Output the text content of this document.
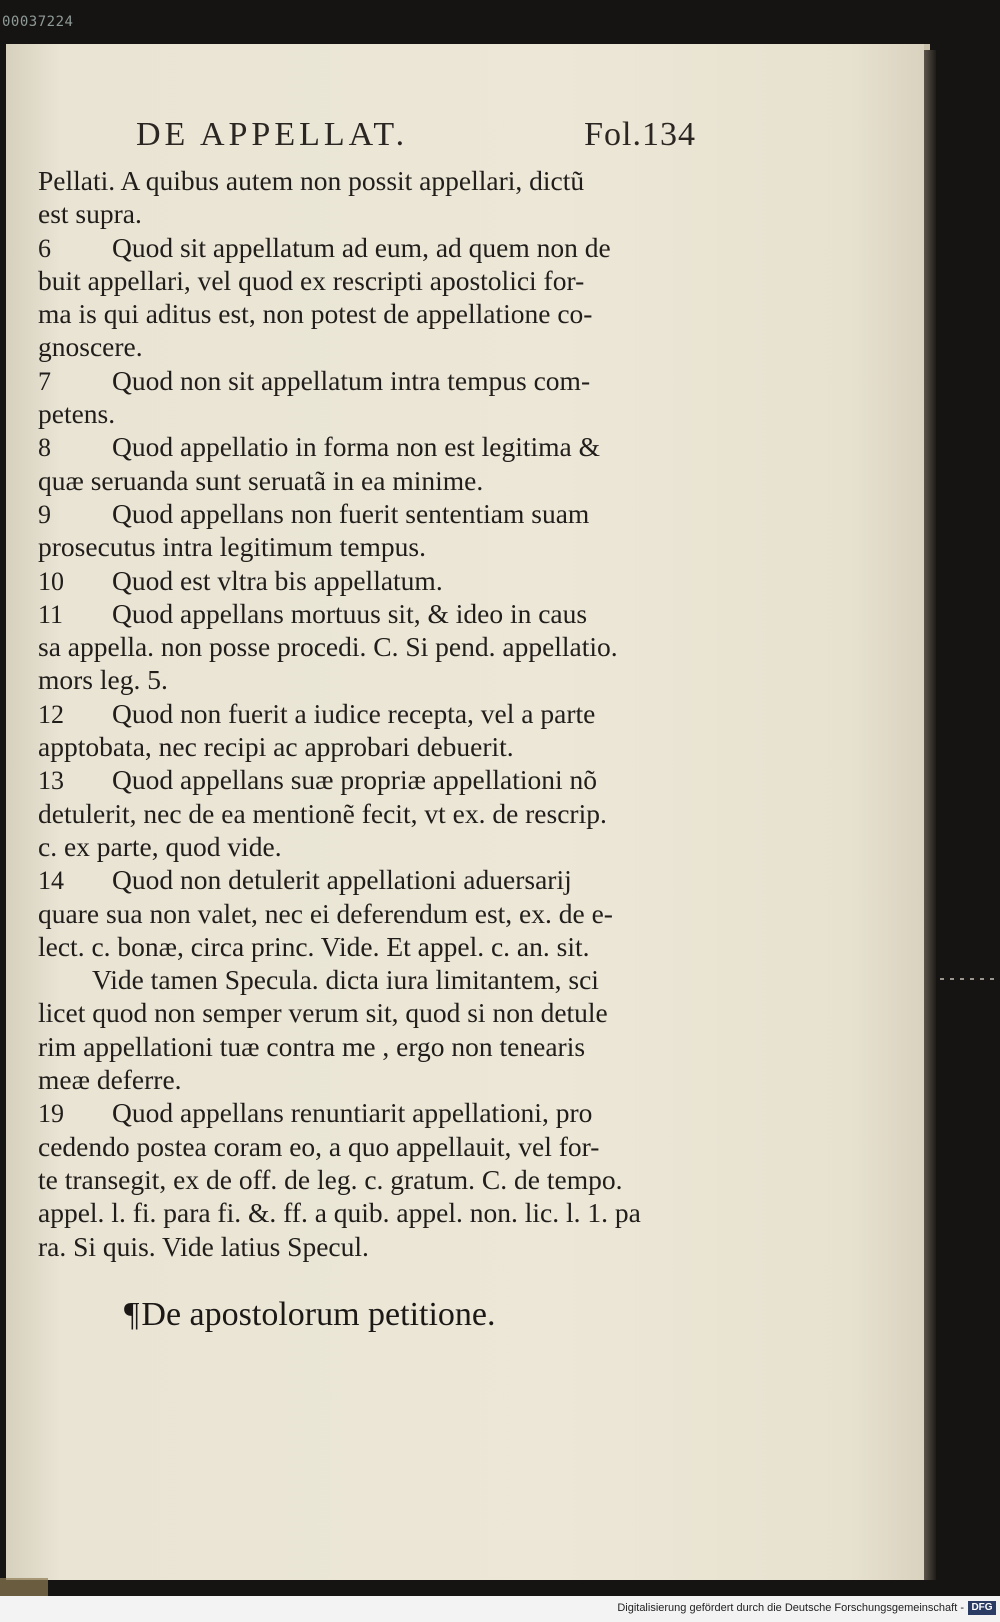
00037224
DE APPELLAT.	Fol.134
Pellati. A quibus autem non possit appellari, dictũ
est supra.
6 Quod sit appellatum ad eum, ad quem non de
buit appellari, vel quod ex rescripti apostolici for-
ma is qui aditus est, non potest de appellatione co-
gnoscere.
7 Quod non sit appellatum intra tempus com-
petens.
8 Quod appellatio in forma non est legitima &
quæ seruanda sunt seruatã in ea minime.
9 Quod appellans non fuerit sententiam suam
prosecutus intra legitimum tempus.
10 Quod est vltra bis appellatum.
11 Quod appellans mortuus sit, & ideo in caus
sa appella. non posse procedi. C. Si pend. appellatio.
mors leg. 5.
12 Quod non fuerit a iudice recepta, vel a parte
apptobata, nec recipi ac approbari debuerit.
13 Quod appellans suæ propriæ appellationi nõ
detulerit, nec de ea mentionẽ fecit, vt ex. de rescrip.
c. ex parte, quod vide.
14 Quod non detulerit appellationi aduersarij
quare sua non valet, nec ei deferendum est, ex. de e-
lect. c. bonæ, circa princ. Vide. Et appel. c. an. sit.
Vide tamen Specula. dicta iura limitantem, sci
licet quod non semper verum sit, quod si non detule
rim appellationi tuæ contra me , ergo non tenearis
meæ deferre.
19 Quod appellans renuntiarit appellationi, pro
cedendo postea coram eo, a quo appellauit, vel for-
te transegit, ex de off. de leg. c. gratum. C. de tempo.
appel. l. fi. para fi. &. ff. a quib. appel. non. lic. l. 1. pa
ra. Si quis. Vide latius Specul.
¶De apostolorum petitione.
Digitalisierung gefördert durch die Deutsche Forschungsgemeinschaft - DFG
